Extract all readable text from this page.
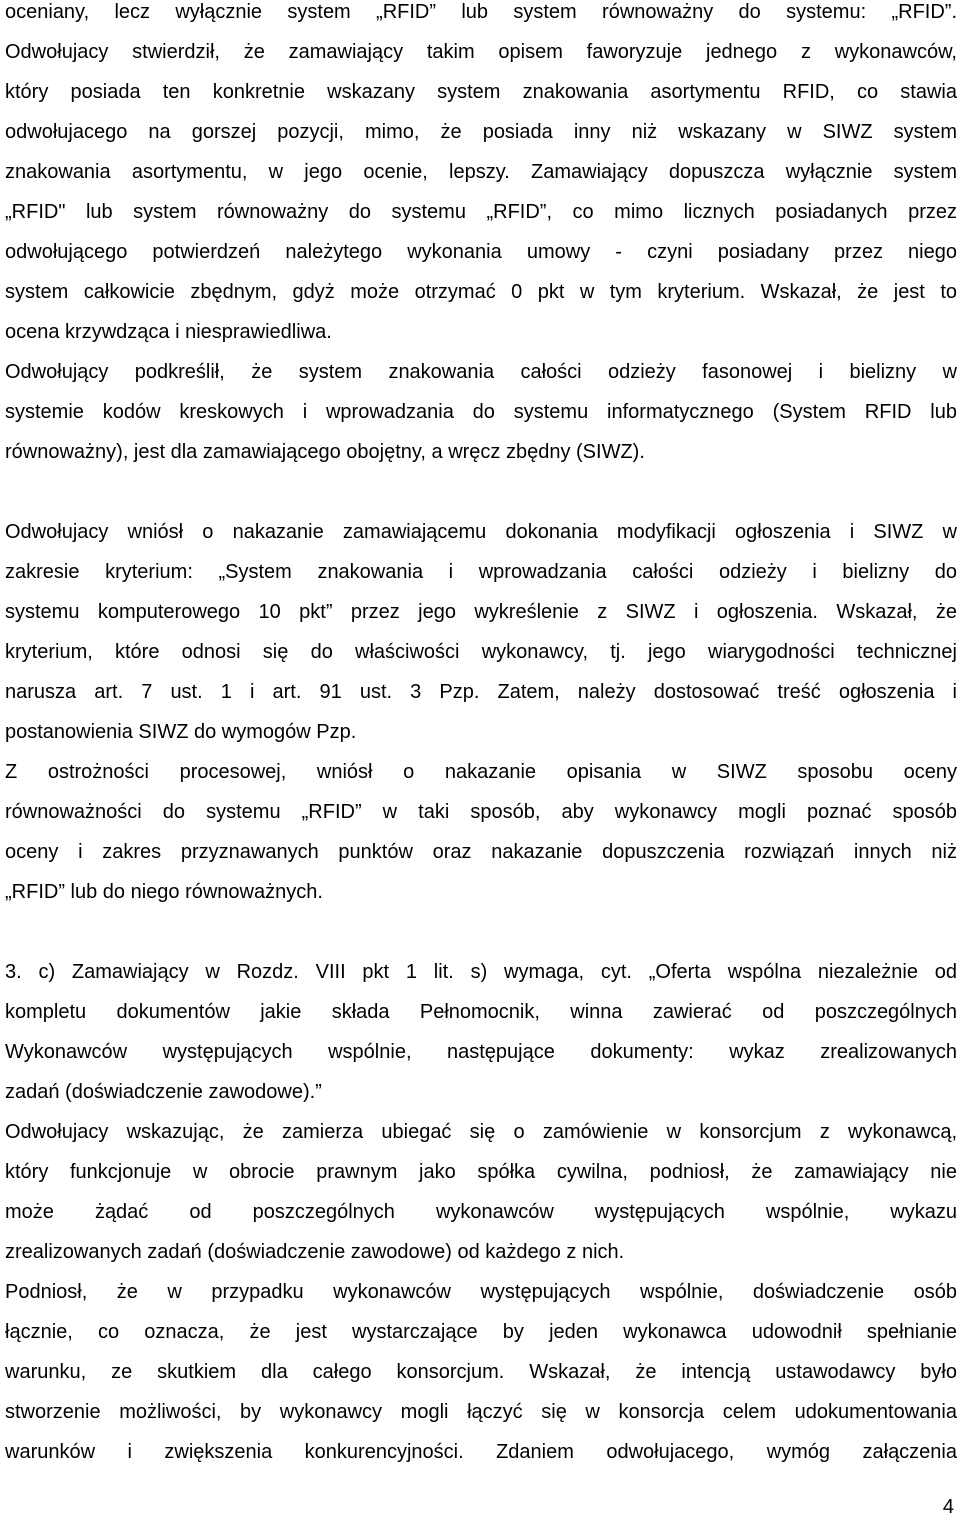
oceniany, lecz wyłącznie system „RFID” lub system równoważny do systemu: „RFID”.
Odwołujacy stwierdził, że zamawiający takim opisem faworyzuje jednego z wykonawców,
który posiada ten konkretnie wskazany system znakowania asortymentu RFID, co stawia
odwołujacego na gorszej pozycji, mimo, że posiada inny niż wskazany w SIWZ system
znakowania asortymentu, w jego ocenie, lepszy. Zamawiający dopuszcza wyłącznie system
„RFID" lub system równoważny do systemu „RFID”, co mimo licznych posiadanych przez
odwołującego potwierdzeń należytego wykonania umowy - czyni posiadany przez niego
system całkowicie zbędnym, gdyż może otrzymać 0 pkt w tym kryterium. Wskazał, że jest to
ocena krzywdząca i niesprawiedliwa.
Odwołujący podkreślił, że system znakowania całości odzieży fasonowej i bielizny w
systemie kodów kreskowych i wprowadzania do systemu informatycznego (System RFID lub
równoważny), jest dla zamawiającego obojętny, a wręcz zbędny (SIWZ).
Odwołujacy wniósł o nakazanie zamawiającemu dokonania modyfikacji ogłoszenia i SIWZ w
zakresie kryterium: „System znakowania i wprowadzania całości odzieży i bielizny do
systemu komputerowego 10 pkt” przez jego wykreślenie z SIWZ i ogłoszenia. Wskazał, że
kryterium, które odnosi się do właściwości wykonawcy, tj. jego wiarygodności technicznej
narusza art. 7 ust. 1 i art. 91 ust. 3 Pzp. Zatem, należy dostosować treść ogłoszenia i
postanowienia SIWZ do wymogów Pzp.
Z ostrożności procesowej, wniósł o nakazanie opisania w SIWZ sposobu oceny
równoważności do systemu „RFID” w taki sposób, aby wykonawcy mogli poznać sposób
oceny i zakres przyznawanych punktów oraz nakazanie dopuszczenia rozwiązań innych niż
„RFID” lub do niego równoważnych.
3. c) Zamawiający w Rozdz. VIII pkt 1 lit. s) wymaga, cyt. „Oferta wspólna niezależnie od
kompletu dokumentów jakie składa Pełnomocnik, winna zawierać od poszczególnych
Wykonawców występujących wspólnie, następujące dokumenty: wykaz zrealizowanych
zadań (doświadczenie zawodowe).”
Odwołujacy wskazując, że zamierza ubiegać się o zamówienie w konsorcjum z wykonawcą,
który funkcjonuje w obrocie prawnym jako spółka cywilna, podniosł, że zamawiający nie
może żądać od poszczególnych wykonawców występujących wspólnie, wykazu
zrealizowanych zadań (doświadczenie zawodowe) od każdego z nich.
Podniosł, że w przypadku wykonawców występujących wspólnie, doświadczenie osób
łącznie, co oznacza, że jest wystarczające by jeden wykonawca udowodnił spełnianie
warunku, ze skutkiem dla całego konsorcjum. Wskazał, że intencją ustawodawcy było
stworzenie możliwości, by wykonawcy mogli łączyć się w konsorcja celem udokumentowania
warunków i zwiększenia konkurencyjności. Zdaniem odwołujacego, wymóg załączenia
4
